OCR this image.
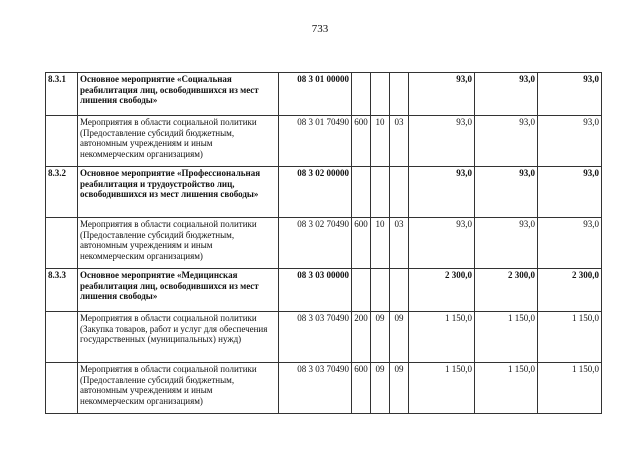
733
8.3.1	Основное мероприятие «Социальная реабилитация лиц, освободившихся из мест лишения свободы»	08 3 01 00000				93,0	93,0	93,0
	Мероприятия в области социальной политики (Предоставление субсидий бюджетным, автономным учреждениям и иным некоммерческим организациям)	08 3 01 70490	600	10	03	93,0	93,0	93,0
8.3.2	Основное мероприятие «Профессиональная реабилитация и трудоустройство лиц, освободившихся из мест лишения свободы»	08 3 02 00000				93,0	93,0	93,0
	Мероприятия в области социальной политики (Предоставление субсидий бюджетным, автономным учреждениям и иным некоммерческим организациям)	08 3 02 70490	600	10	03	93,0	93,0	93,0
8.3.3	Основное мероприятие «Медицинская реабилитация лиц, освободившихся из мест лишения свободы»	08 3 03 00000				2 300,0	2 300,0	2 300,0
	Мероприятия в области социальной политики (Закупка товаров, работ и услуг для обеспечения государственных (муниципальных) нужд)	08 3 03 70490	200	09	09	1 150,0	1 150,0	1 150,0
	Мероприятия в области социальной политики (Предоставление субсидий бюджетным, автономным учреждениям и иным некоммерческим организациям)	08 3 03 70490	600	09	09	1 150,0	1 150,0	1 150,0
